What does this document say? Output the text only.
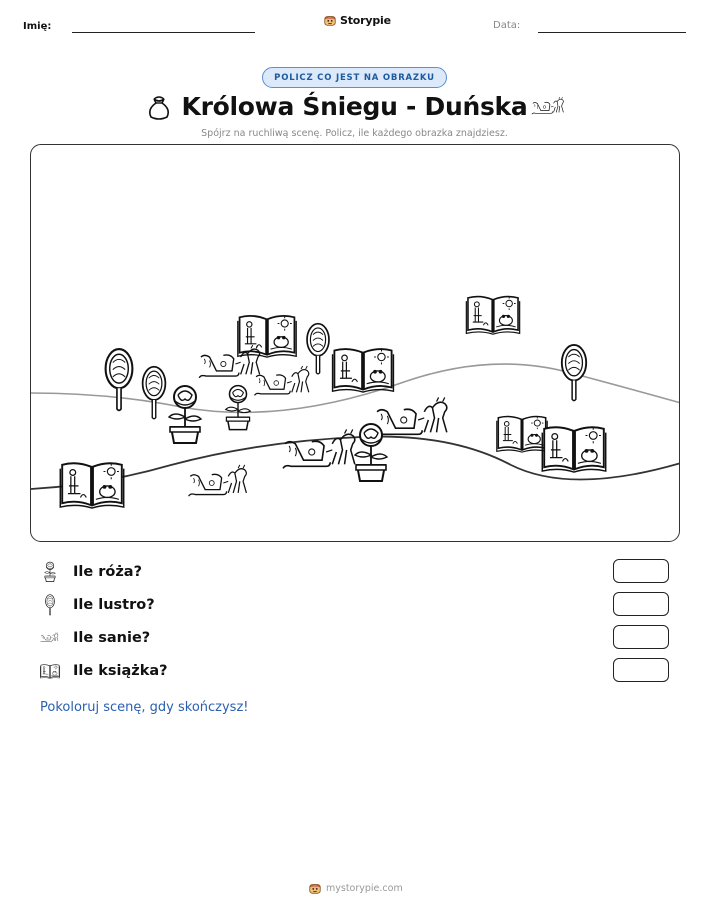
Imię:	Storypie	Data:
POLICZ CO JEST NA OBRAZKU
Królowa Śniegu - Duńska
Spójrz na ruchliwą scenę. Policz, ile każdego obrazka znajdziesz.
Ile róża?
Ile lustro?
Ile sanie?
Ile książka?
Pokoloruj scenę, gdy skończysz!
mystorypie.com
